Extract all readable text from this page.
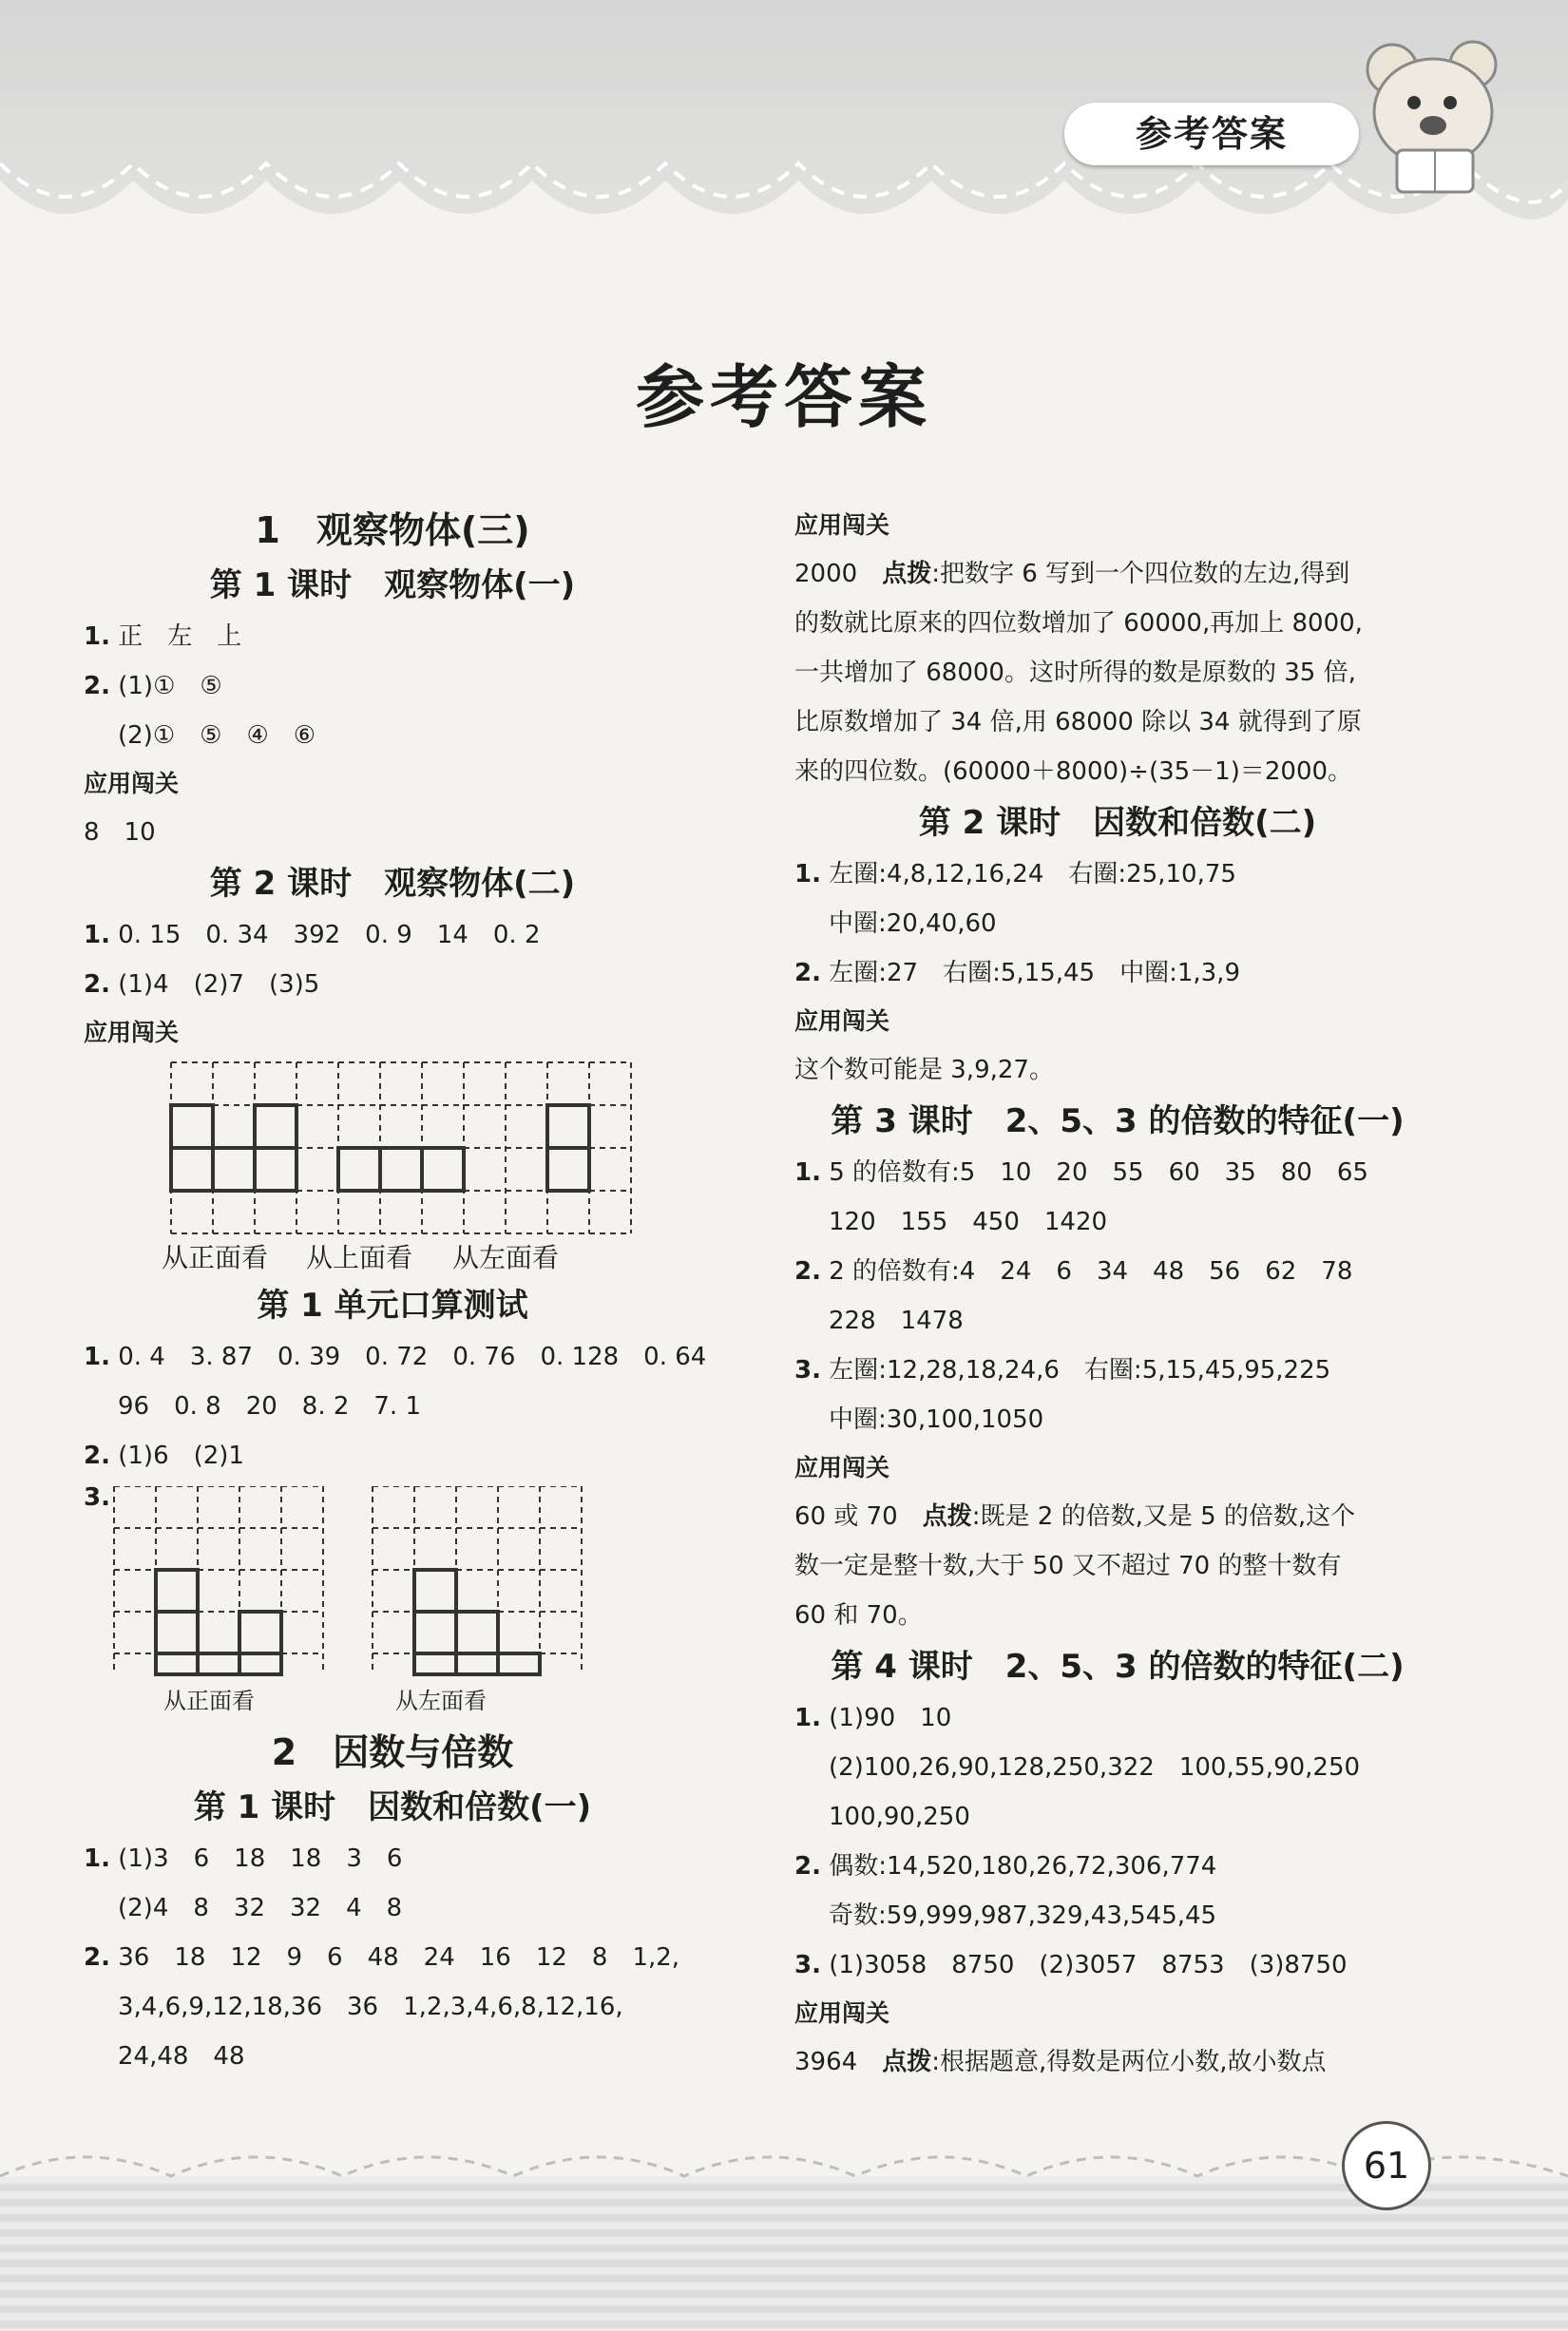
参考答案
参考答案
1　观察物体(三)
第 1 课时　观察物体(一)
1. 正　左　上
2. (1)①　⑤
(2)①　⑤　④　⑥
应用闯关
8　10
第 2 课时　观察物体(二)
1. 0. 15　0. 34　392　0. 9　14　0. 2
2. (1)4　(2)7　(3)5
应用闯关
从正面看 从上面看 从左面看
第 1 单元口算测试
1. 0. 4　3. 87　0. 39　0. 72　0. 76　0. 128　0. 64
96　0. 8　20　8. 2　7. 1
2. (1)6　(2)1
3.
从正面看	从左面看
2　因数与倍数
第 1 课时　因数和倍数(一)
1. (1)3　6　18　18　3　6
(2)4　8　32　32　4　8
2. 36　18　12　9　6　48　24　16　12　8　1,2,
3,4,6,9,12,18,36　36　1,2,3,4,6,8,12,16,
24,48　48
应用闯关
2000　 点拨:把数字 6 写到一个四位数的左边,得到
的数就比原来的四位数增加了 60000,再加上 8000,
一共增加了 68000。这时所得的数是原数的 35 倍,
比原数增加了 34 倍,用 68000 除以 34 就得到了原
来的四位数。(60000＋8000)÷(35－1)＝2000。
第 2 课时　因数和倍数(二)
1. 左圈:4,8,12,16,24　右圈:25,10,75
中圈:20,40,60
2. 左圈:27　右圈:5,15,45　中圈:1,3,9
应用闯关
这个数可能是 3,9,27。
第 3 课时　2、5、3 的倍数的特征(一)
1. 5 的倍数有:5　10　20　55　60　35　80　65
120　155　450　1420
2. 2 的倍数有:4　24　6　34　48　56　62　78
228　1478
3. 左圈:12,28,18,24,6　右圈:5,15,45,95,225
中圈:30,100,1050
应用闯关
60 或 70　 点拨:既是 2 的倍数,又是 5 的倍数,这个
数一定是整十数,大于 50 又不超过 70 的整十数有
60 和 70。
第 4 课时　2、5、3 的倍数的特征(二)
1. (1)90　10
(2)100,26,90,128,250,322　100,55,90,250
100,90,250
2. 偶数:14,520,180,26,72,306,774
奇数:59,999,987,329,43,545,45
3. (1)3058　8750　(2)3057　8753　(3)8750
应用闯关
3964　 点拨:根据题意,得数是两位小数,故小数点
61
